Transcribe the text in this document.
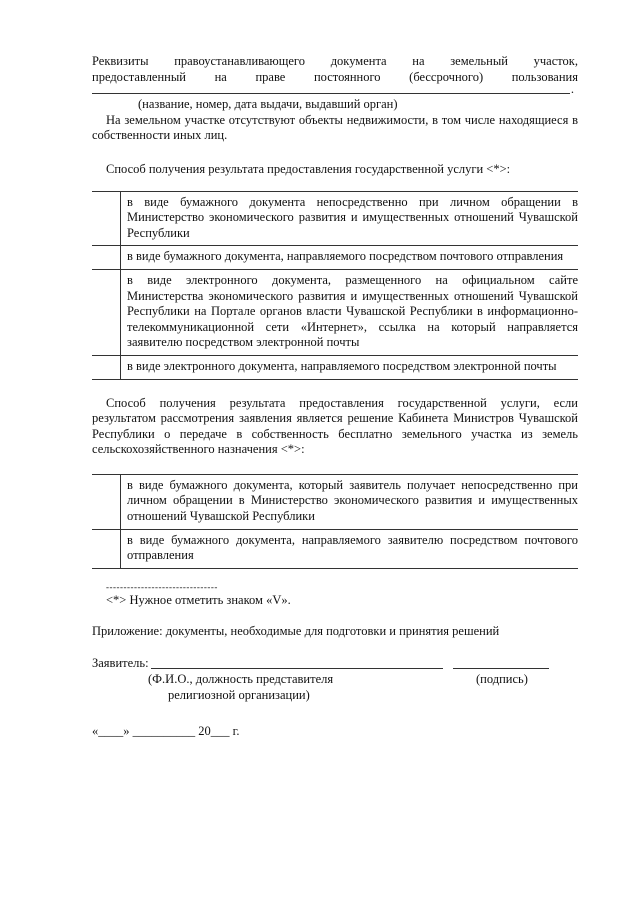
Реквизиты правоустанавливающего документа на земельный участок,
предоставленный на праве постоянного (бессрочного) пользования
.
(название, номер, дата выдачи, выдавший орган)
На земельном участке отсутствуют объекты недвижимости, в том числе находящиеся в собственности иных лиц.
Способ получения результата предоставления государственной услуги <*>:
	в виде бумажного документа непосредственно при личном обращении в Министерство экономического развития и имущественных отношений Чувашской Республики
	в виде бумажного документа, направляемого посредством почтового отправления
	в виде электронного документа, размещенного на официальном сайте Министерства экономического развития и имущественных отношений Чувашской Республики на Портале органов власти Чувашской Республики в информационно-телекоммуникационной сети «Интернет», ссылка на который направляется заявителю посредством электронной почты
	в виде электронного документа, направляемого посредством электронной почты
Способ получения результата предоставления государственной услуги, если результатом рассмотрения заявления является решение Кабинета Министров Чувашской Республики о передаче в собственность бесплатно земельного участка из земель сельскохозяйственного назначения <*>:
	в виде бумажного документа, который заявитель получает непосредственно при личном обращении в Министерство экономического развития и имущественных отношений Чувашской Республики
	в виде бумажного документа, направляемого заявителю посредством почтового отправления
--------------------------------
<*> Нужное отметить знаком «V».
Приложение: документы, необходимые для подготовки и принятия решений
Заявитель:
(Ф.И.О., должность представителя
религиозной организации)
(подпись)
«____» __________ 20___ г.
